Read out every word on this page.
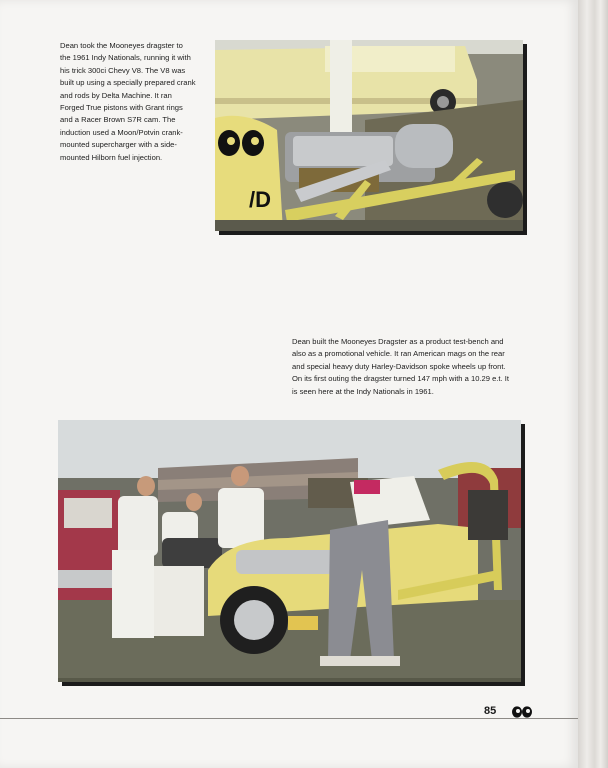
Dean took the Mooneyes dragster to
the 1961 Indy Nationals, running it with
his trick 300ci Chevy V8. The V8 was
built up using a specially prepared crank
and rods by Delta Machine. It ran
Forged True pistons with Grant rings
and a Racer Brown S7R cam. The
induction used a Moon/Potvin crank-
mounted supercharger with a side-
mounted Hilborn fuel injection.

/D

Dean built the Mooneyes Dragster as a product test-bench and
also as a promotional vehicle. It ran American mags on the rear
and special heavy duty Harley-Davidson spoke wheels up front.
On its first outing the dragster turned 147 mph with a 10.29 e.t. It
is seen here at the Indy Nationals in 1961.

85
